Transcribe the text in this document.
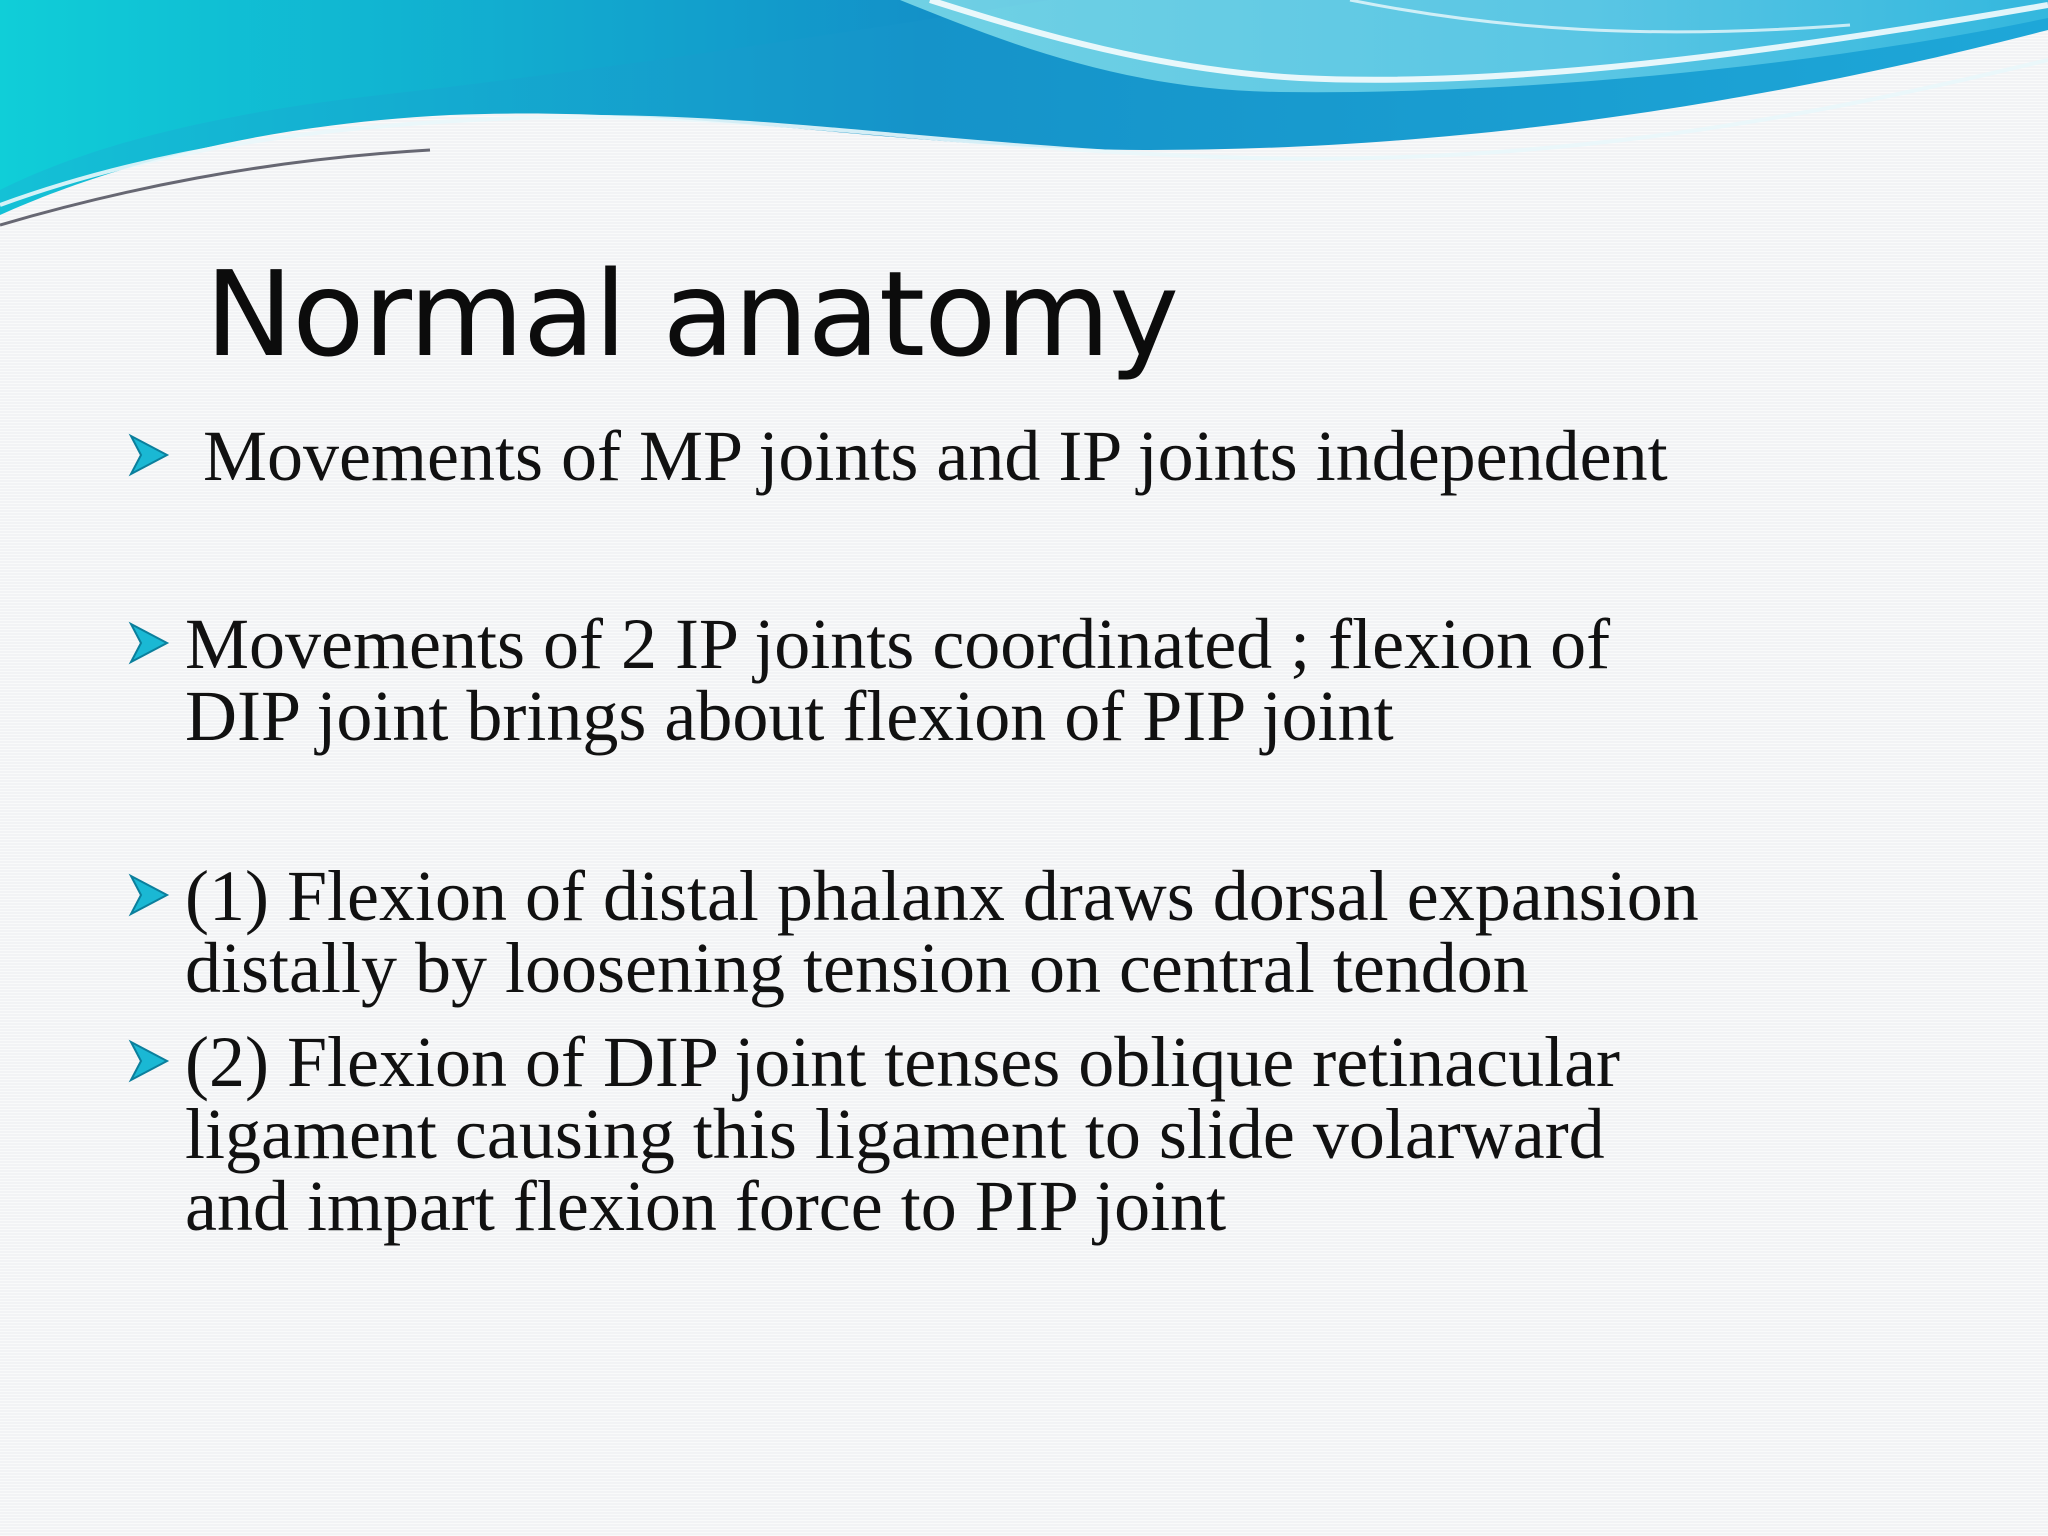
Normal anatomy
Movements of MP joints and IP joints independent
Movements of 2 IP joints coordinated ; flexion of
DIP joint brings about flexion of PIP joint
(1) Flexion of distal phalanx draws dorsal expansion
distally by loosening tension on central tendon
(2) Flexion of DIP joint tenses oblique retinacular
ligament causing this ligament to slide volarward
and impart flexion force to PIP joint
